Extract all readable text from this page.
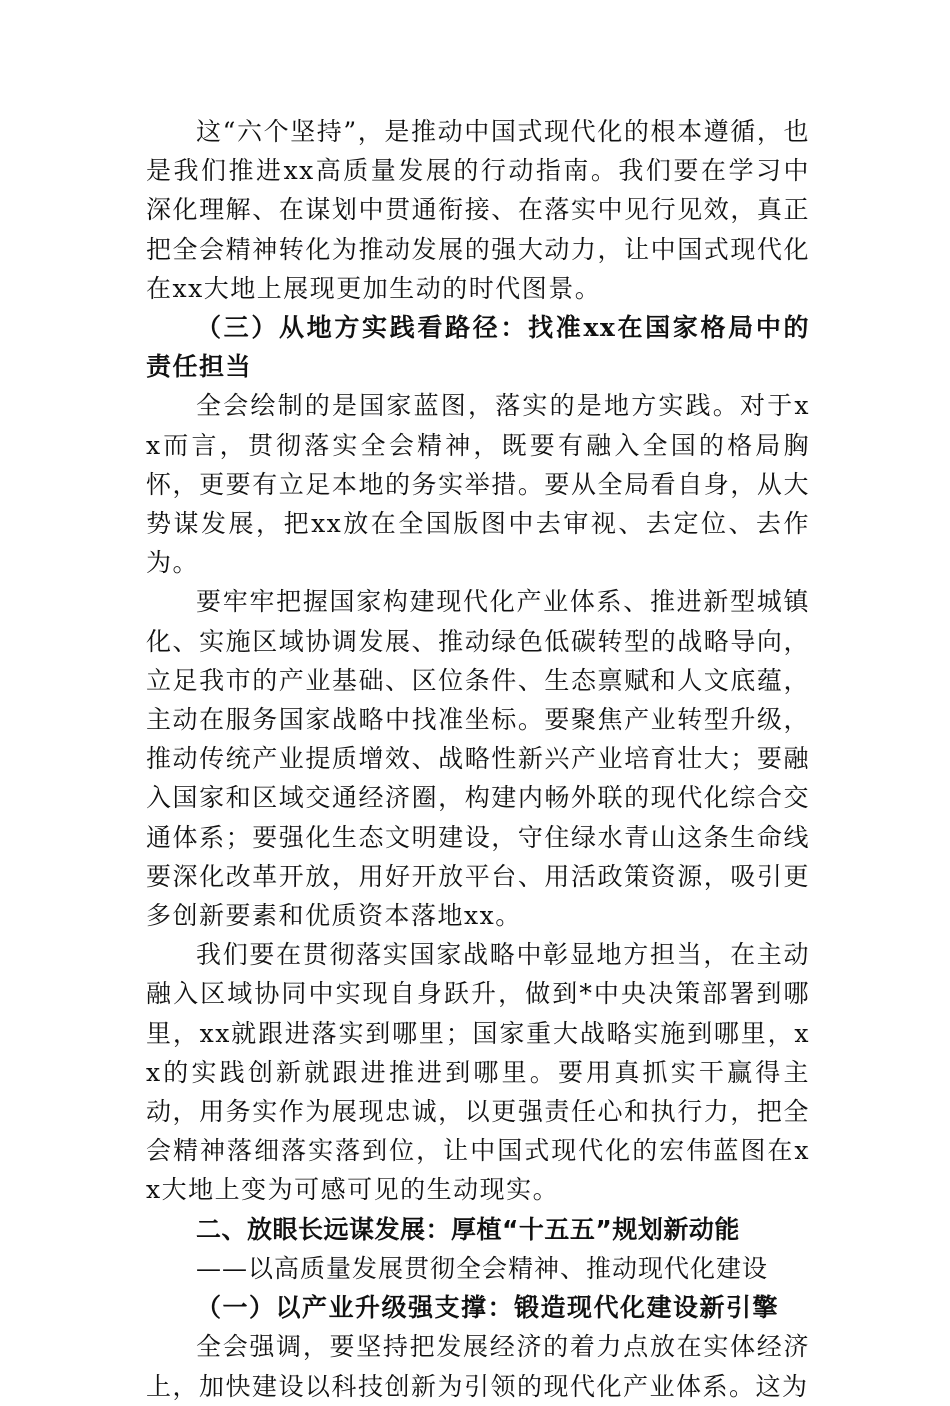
这“六个坚持”，是推动中国式现代化的根本遵循，也是我们推进xx高质量发展的行动指南。我们要在学习中深化理解、在谋划中贯通衔接、在落实中见行见效，真正把全会精神转化为推动发展的强大动力，让中国式现代化在xx大地上展现更加生动的时代图景。

（三）从地方实践看路径：找准xx在国家格局中的责任担当

全会绘制的是国家蓝图，落实的是地方实践。对于xx而言，贯彻落实全会精神，既要有融入全国的格局胸怀，更要有立足本地的务实举措。要从全局看自身，从大势谋发展，把xx放在全国版图中去审视、去定位、去作为。

要牢牢把握国家构建现代化产业体系、推进新型城镇化、实施区域协调发展、推动绿色低碳转型的战略导向，立足我市的产业基础、区位条件、生态禀赋和人文底蕴，主动在服务国家战略中找准坐标。要聚焦产业转型升级，推动传统产业提质增效、战略性新兴产业培育壮大；要融入国家和区域交通经济圈，构建内畅外联的现代化综合交通体系；要强化生态文明建设，守住绿水青山这条生命线要深化改革开放，用好开放平台、用活政策资源，吸引更多创新要素和优质资本落地xx。

我们要在贯彻落实国家战略中彰显地方担当，在主动融入区域协同中实现自身跃升，做到*中央决策部署到哪里，xx就跟进落实到哪里；国家重大战略实施到哪里，xx的实践创新就跟进推进到哪里。要用真抓实干赢得主动，用务实作为展现忠诚，以更强责任心和执行力，把全会精神落细落实落到位，让中国式现代化的宏伟蓝图在xx大地上变为可感可见的生动现实。

二、放眼长远谋发展：厚植“十五五”规划新动能

——以高质量发展贯彻全会精神、推动现代化建设

（一）以产业升级强支撑：锻造现代化建设新引擎

全会强调，要坚持把发展经济的着力点放在实体经济上，加快建设以科技创新为引领的现代化产业体系。这为
